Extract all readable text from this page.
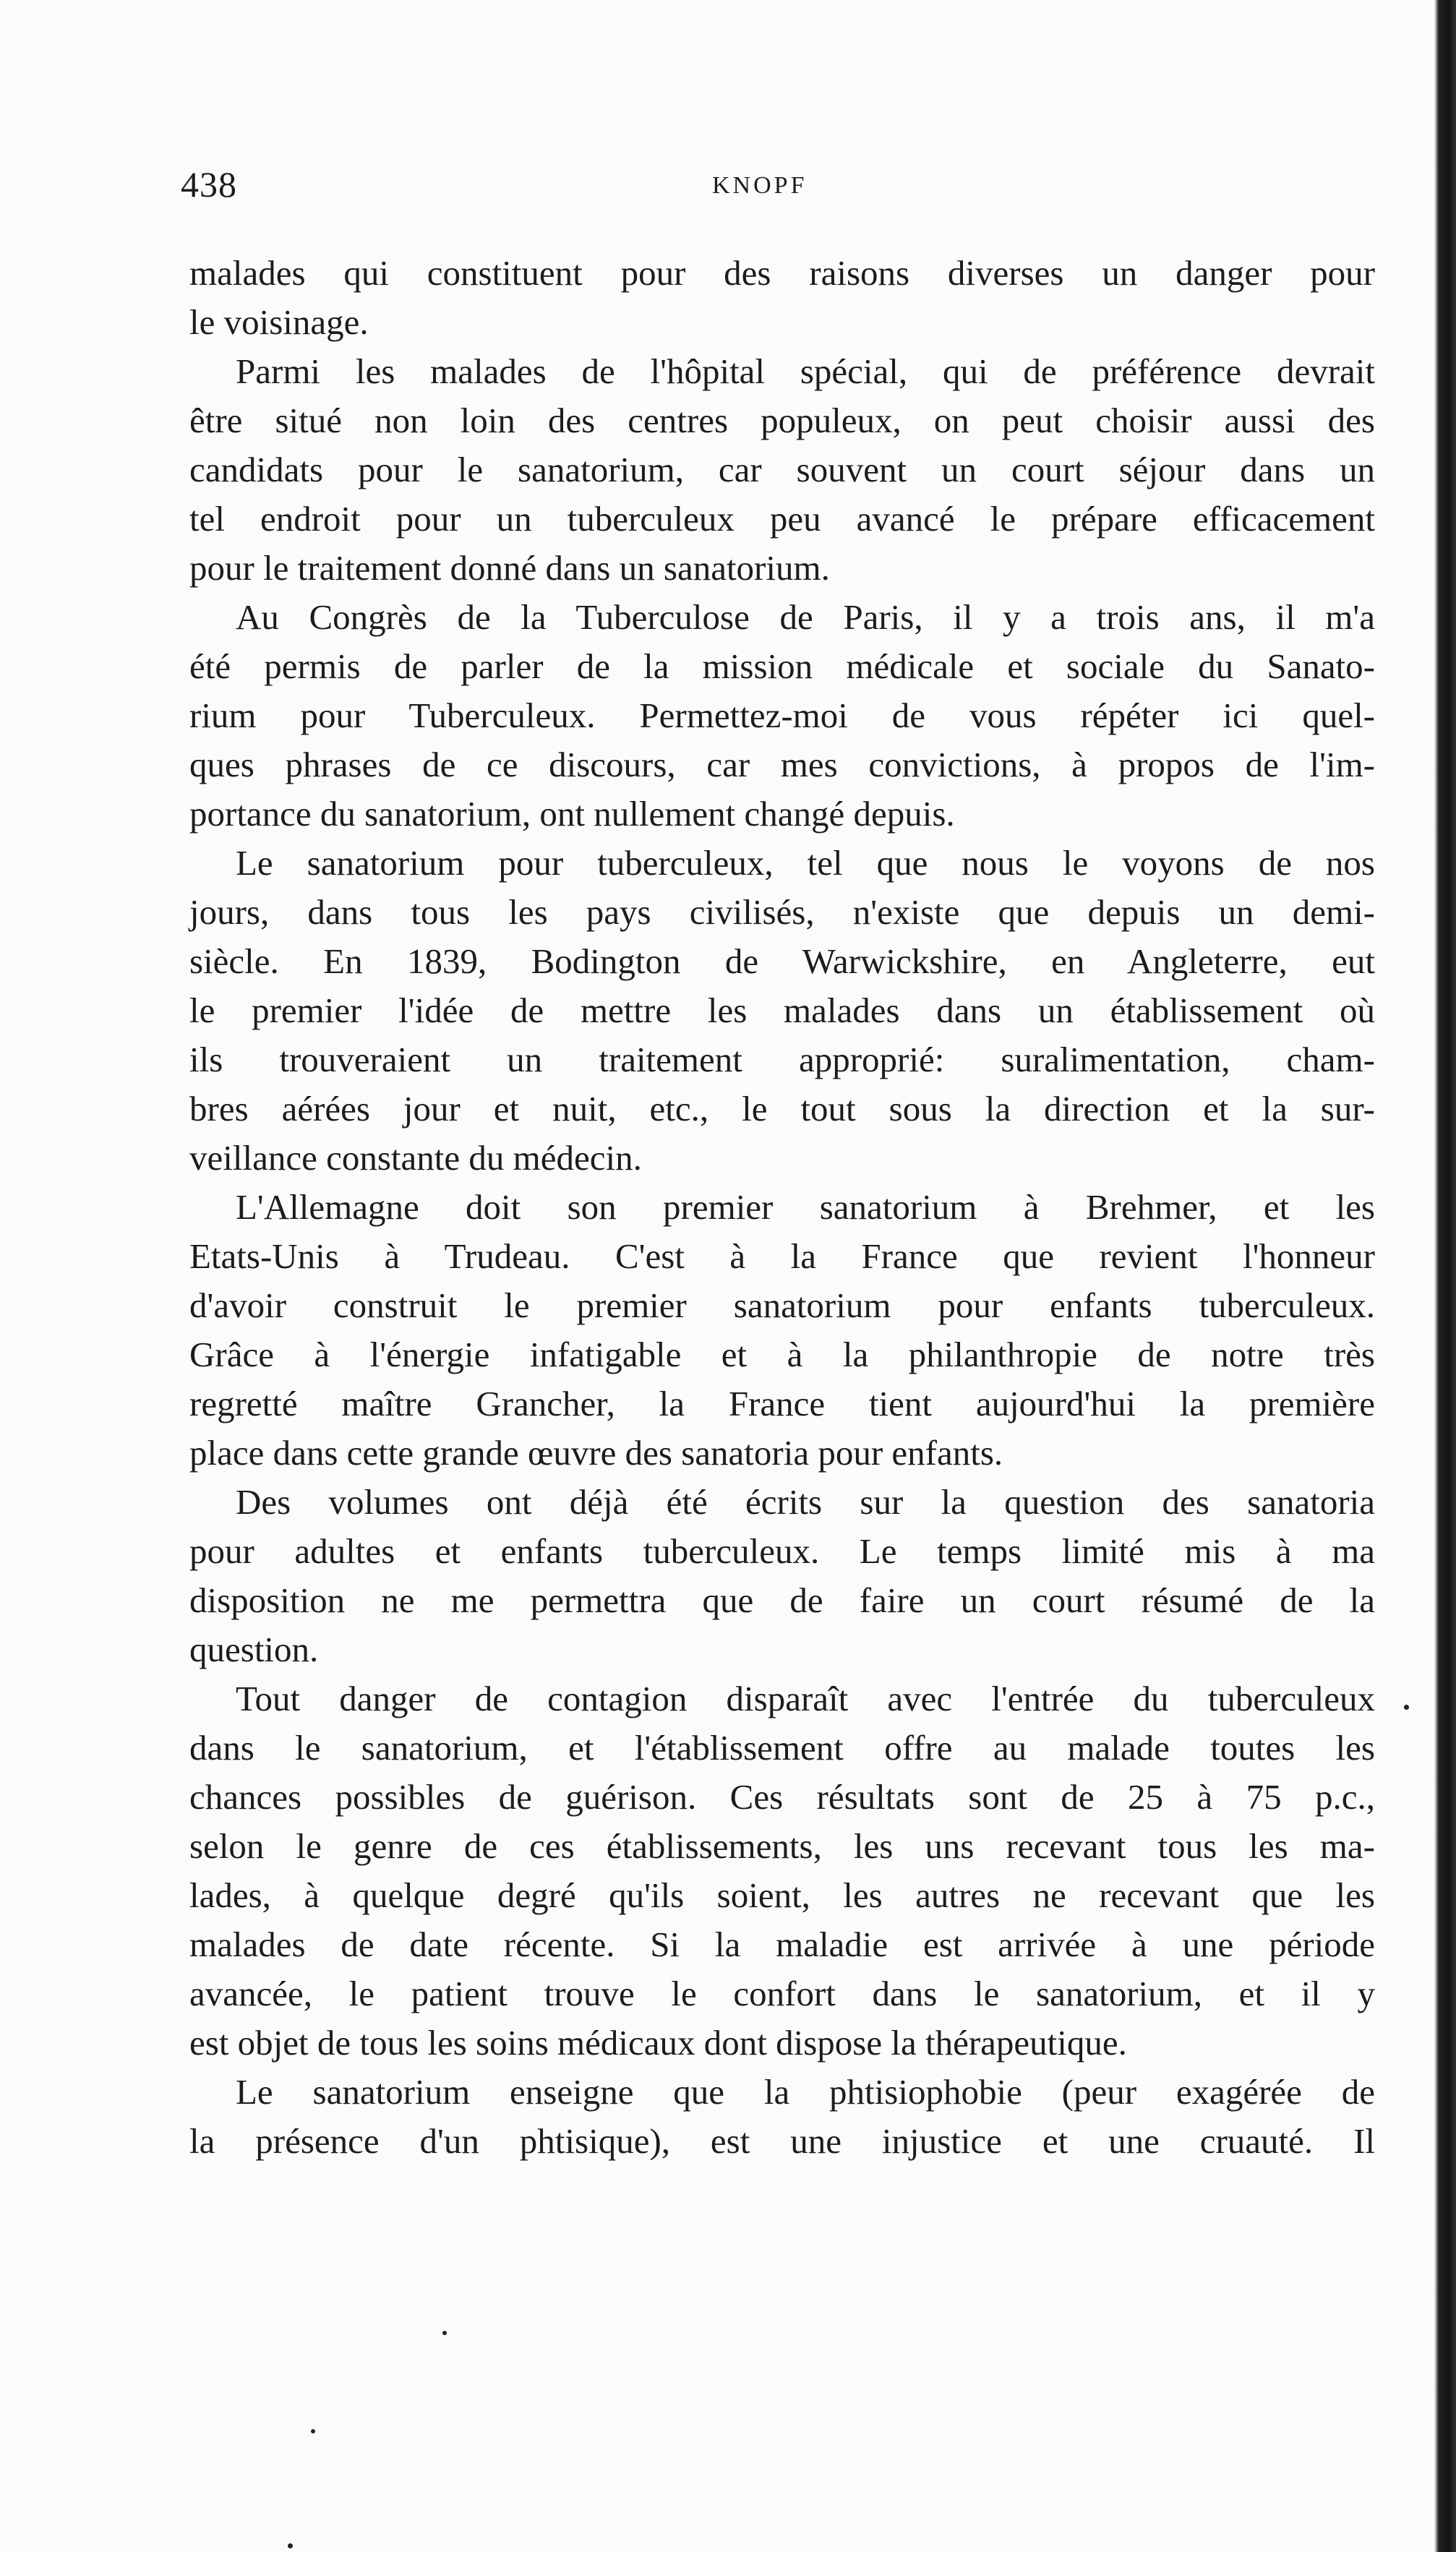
438	KNOPF
malades qui constituent pour des raisons diverses un danger pour
le voisinage.
Parmi les malades de l'hôpital spécial, qui de préférence devrait
être situé non loin des centres populeux, on peut choisir aussi des
candidats pour le sanatorium, car souvent un court séjour dans un
tel endroit pour un tuberculeux peu avancé le prépare efficacement
pour le traitement donné dans un sanatorium.
Au Congrès de la Tuberculose de Paris, il y a trois ans, il m'a
été permis de parler de la mission médicale et sociale du Sanato-
rium pour Tuberculeux. Permettez-moi de vous répéter ici quel-
ques phrases de ce discours, car mes convictions, à propos de l'im-
portance du sanatorium, ont nullement changé depuis.
Le sanatorium pour tuberculeux, tel que nous le voyons de nos
jours, dans tous les pays civilisés, n'existe que depuis un demi-
siècle. En 1839, Bodington de Warwickshire, en Angleterre, eut
le premier l'idée de mettre les malades dans un établissement où
ils trouveraient un traitement approprié: suralimentation, cham-
bres aérées jour et nuit, etc., le tout sous la direction et la sur-
veillance constante du médecin.
L'Allemagne doit son premier sanatorium à Brehmer, et les
Etats-Unis à Trudeau. C'est à la France que revient l'honneur
d'avoir construit le premier sanatorium pour enfants tuberculeux.
Grâce à l'énergie infatigable et à la philanthropie de notre très
regretté maître Grancher, la France tient aujourd'hui la première
place dans cette grande œuvre des sanatoria pour enfants.
Des volumes ont déjà été écrits sur la question des sanatoria
pour adultes et enfants tuberculeux. Le temps limité mis à ma
disposition ne me permettra que de faire un court résumé de la
question.
Tout danger de contagion disparaît avec l'entrée du tuberculeux
dans le sanatorium, et l'établissement offre au malade toutes les
chances possibles de guérison. Ces résultats sont de 25 à 75 p.c.,
selon le genre de ces établissements, les uns recevant tous les ma-
lades, à quelque degré qu'ils soient, les autres ne recevant que les
malades de date récente. Si la maladie est arrivée à une période
avancée, le patient trouve le confort dans le sanatorium, et il y
est objet de tous les soins médicaux dont dispose la thérapeutique.
Le sanatorium enseigne que la phtisiophobie (peur exagérée de
la présence d'un phtisique), est une injustice et une cruauté. Il
